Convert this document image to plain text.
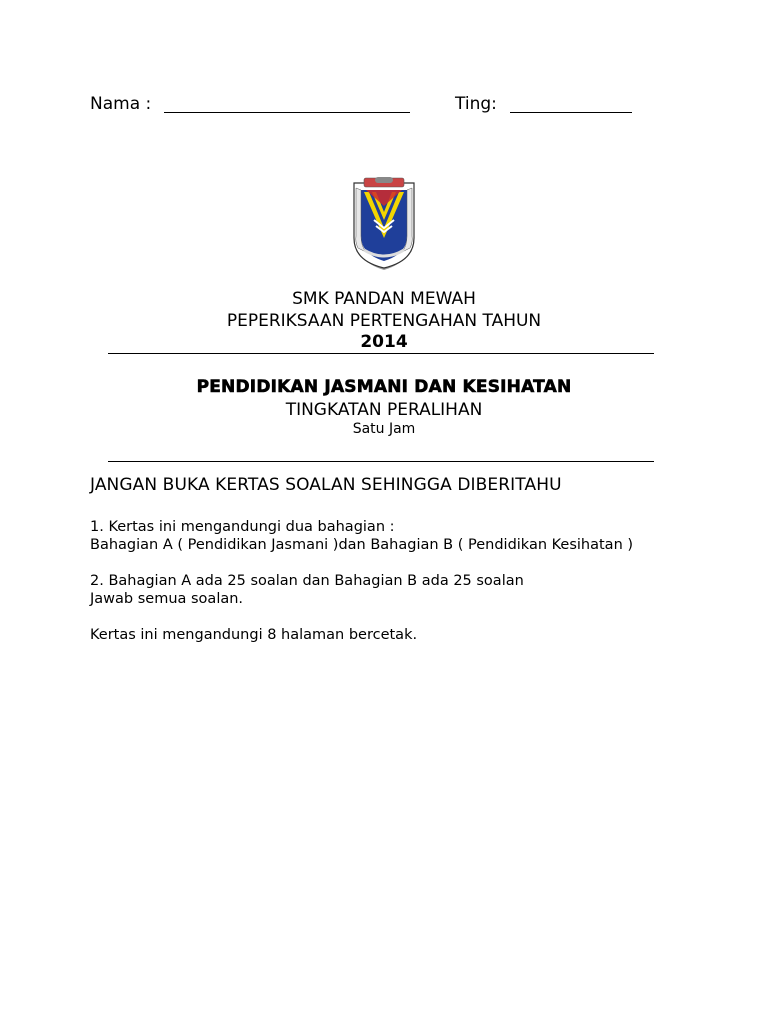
Nama :	Ting:
SMK PANDAN MEWAH
PEPERIKSAAN PERTENGAHAN TAHUN
2014
PENDIDIKAN JASMANI DAN KESIHATAN
TINGKATAN PERALIHAN
Satu Jam
JANGAN BUKA KERTAS SOALAN SEHINGGA DIBERITAHU
1. Kertas ini mengandungi dua bahagian :
Bahagian A ( Pendidikan Jasmani )dan Bahagian B ( Pendidikan Kesihatan )
2. Bahagian A ada 25 soalan dan Bahagian B ada 25 soalan
Jawab semua soalan.
Kertas ini mengandungi 8 halaman bercetak.
